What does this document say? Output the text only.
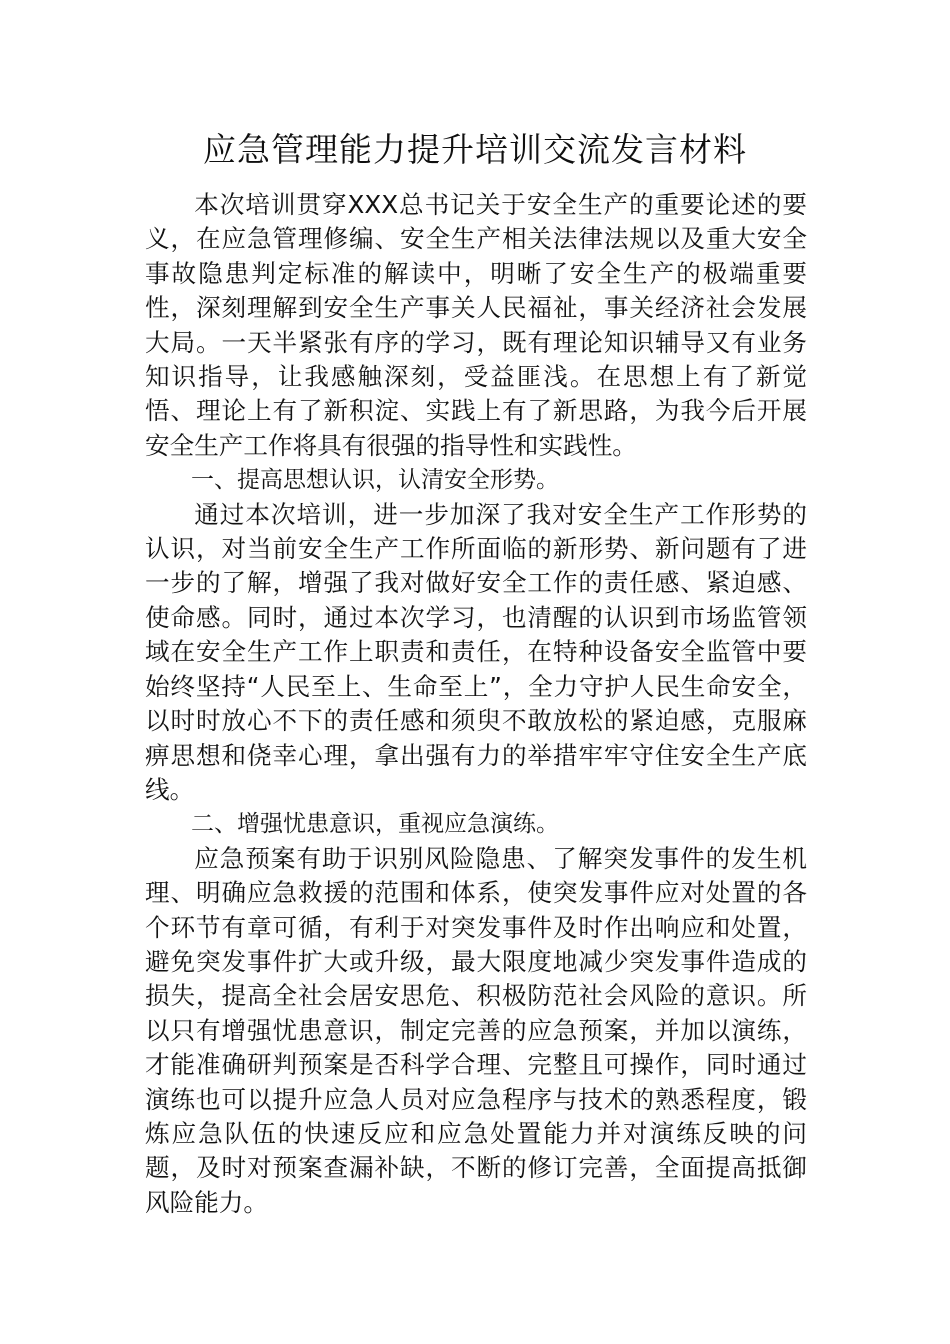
应急管理能力提升培训交流发言材料

本次培训贯穿XXX总书记关于安全生产的重要论述的要义，在应急管理修编、安全生产相关法律法规以及重大安全事故隐患判定标准的解读中，明晰了安全生产的极端重要性，深刻理解到安全生产事关人民福祉，事关经济社会发展大局。一天半紧张有序的学习，既有理论知识辅导又有业务知识指导，让我感触深刻，受益匪浅。在思想上有了新觉悟、理论上有了新积淀、实践上有了新思路，为我今后开展安全生产工作将具有很强的指导性和实践性。

一、提高思想认识，认清安全形势。

通过本次培训，进一步加深了我对安全生产工作形势的认识，对当前安全生产工作所面临的新形势、新问题有了进一步的了解，增强了我对做好安全工作的责任感、紧迫感、使命感。同时，通过本次学习，也清醒的认识到市场监管领域在安全生产工作上职责和责任，在特种设备安全监管中要始终坚持“人民至上、生命至上”，全力守护人民生命安全，以时时放心不下的责任感和须臾不敢放松的紧迫感，克服麻痹思想和侥幸心理，拿出强有力的举措牢牢守住安全生产底线。

二、增强忧患意识，重视应急演练。

应急预案有助于识别风险隐患、了解突发事件的发生机理、明确应急救援的范围和体系，使突发事件应对处置的各个环节有章可循，有利于对突发事件及时作出响应和处置，避免突发事件扩大或升级，最大限度地减少突发事件造成的损失，提高全社会居安思危、积极防范社会风险的意识。所以只有增强忧患意识，制定完善的应急预案，并加以演练，才能准确研判预案是否科学合理、完整且可操作，同时通过演练也可以提升应急人员对应急程序与技术的熟悉程度，锻炼应急队伍的快速反应和应急处置能力并对演练反映的问题，及时对预案查漏补缺，不断的修订完善，全面提高抵御风险能力。
